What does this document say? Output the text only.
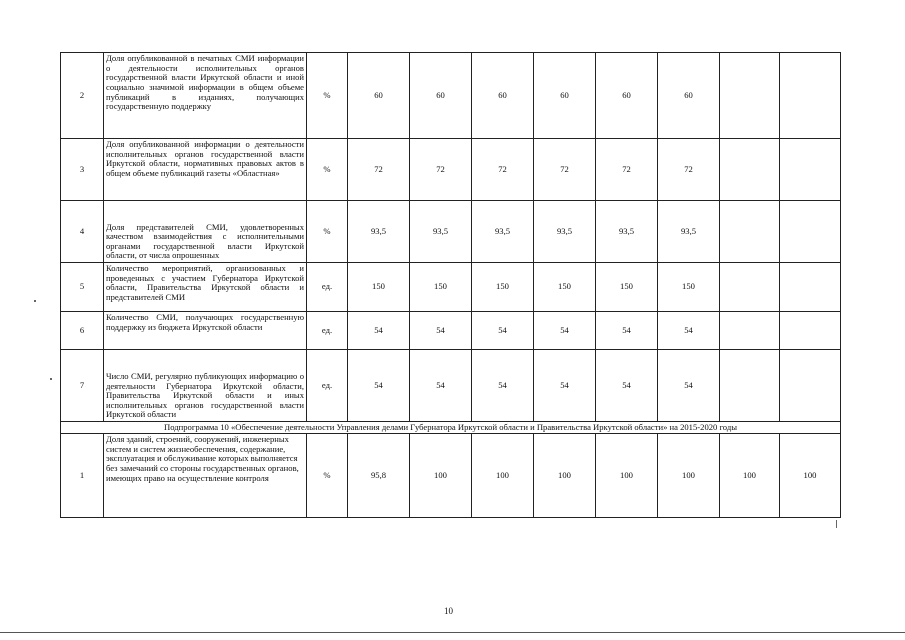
2	Доля опубликованной в печатных СМИ информации о деятельности исполнительных органов государственной власти Иркутской области и иной социально значимой информации в общем объеме публикаций в изданиях, получающих государственную поддержку	%	60	60	60	60	60	60		
3	Доля опубликованной информации о деятельности исполнительных органов государственной власти Иркутской области, нормативных правовых актов в общем объеме публикаций газеты «Областная»	%	72	72	72	72	72	72		
4	Доля представителей СМИ, удовлетворенных качеством взаимодействия с исполнительными органами государственной власти Иркутской области, от числа опрошенных	%	93,5	93,5	93,5	93,5	93,5	93,5		
5	Количество мероприятий, организованных и проведенных с участием Губернатора Иркутской области, Правительства Иркутской области и представителей СМИ	ед.	150	150	150	150	150	150		
6	Количество СМИ, получающих государственную поддержку из бюджета Иркутской области	ед.	54	54	54	54	54	54		
7	Число СМИ, регулярно публикующих информацию о деятельности Губернатора Иркутской области, Правительства Иркутской области и иных исполнительных органов государственной власти Иркутской области	ед.	54	54	54	54	54	54		
Подпрограмма 10 «Обеспечение деятельности Управления делами Губернатора Иркутской области и Правительства Иркутской области» на 2015-2020 годы										
1	Доля зданий, строений, сооружений, инженерных систем и систем жизнеобеспечения, содержание, эксплуатация и обслуживание которых выполняется без замечаний со стороны государственных органов, имеющих право на осуществление контроля	%	95,8	100	100	100	100	100	100	100
10
